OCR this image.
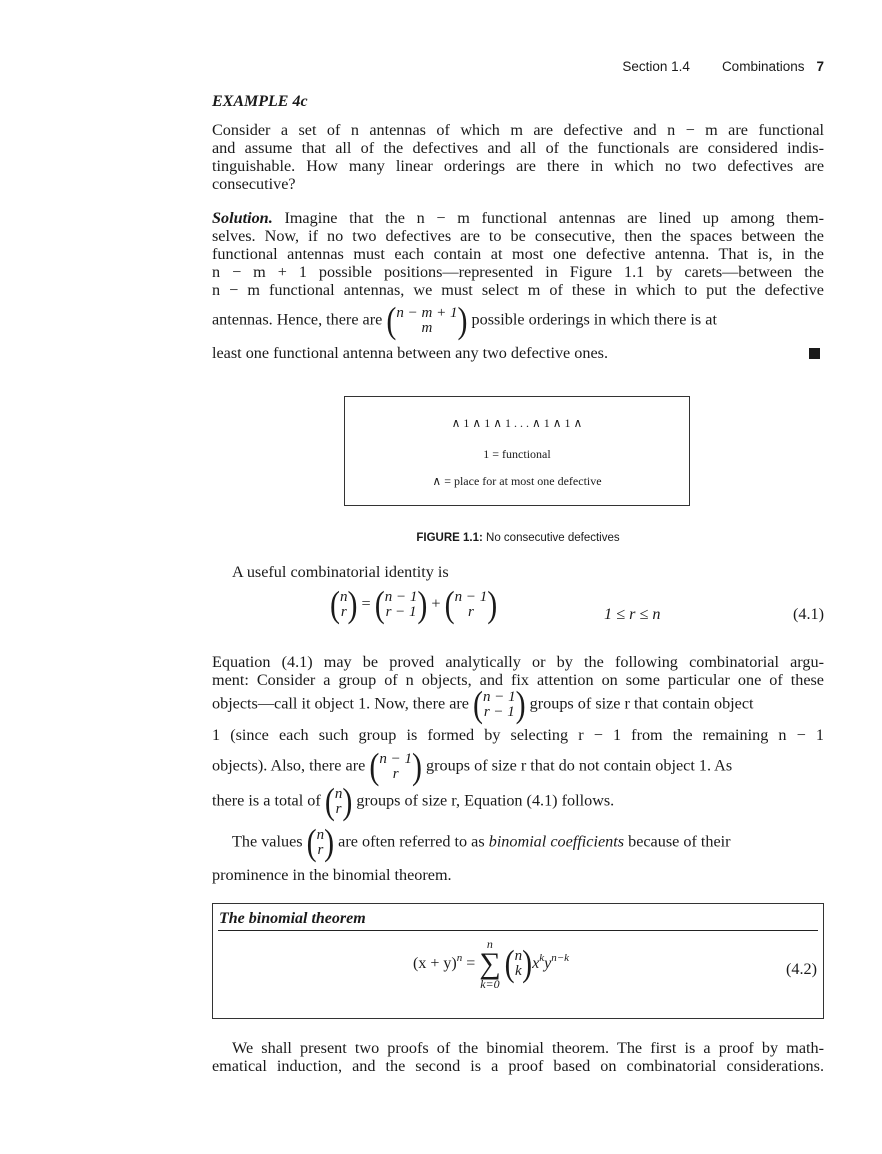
Section 1.4 Combinations 7
EXAMPLE 4c
Consider a set of n antennas of which m are defective and n − m are functional
and assume that all of the defectives and all of the functionals are considered indis-
tinguishable. How many linear orderings are there in which no two defectives are
consecutive?
Solution. Imagine that the n − m functional antennas are lined up among them-
selves. Now, if no two defectives are to be consecutive, then the spaces between the
functional antennas must each contain at most one defective antenna. That is, in the
n − m + 1 possible positions—represented in Figure 1.1 by carets—between the
n − m functional antennas, we must select m of these in which to put the defective
antennas. Hence, there are (n − m + 1
m ) possible orderings in which there is at
least one functional antenna between any two defective ones.
∧ 1 ∧ 1 ∧ 1 . . . ∧ 1 ∧ 1 ∧
1 = functional
∧ = place for at most one defective
FIGURE 1.1: No consecutive defectives
A useful combinatorial identity is
(n
r) = (n − 1
r − 1) + (n − 1
r )	1 ≤ r ≤ n	(4.1)
Equation (4.1) may be proved analytically or by the following combinatorial argu-
ment: Consider a group of n objects, and fix attention on some particular one of these
objects—call it object 1. Now, there are (n − 1
r − 1) groups of size r that contain object
1 (since each such group is formed by selecting r − 1 from the remaining n − 1
objects). Also, there are (n − 1
r ) groups of size r that do not contain object 1. As
there is a total of (n
r) groups of size r, Equation (4.1) follows.
The values (n
r) are often referred to as binomial coefficients because of their
prominence in the binomial theorem.
The binomial theorem
$(x + y)^n$ =
n
∑
k=0 (n
$k)x^ky^{n-k}$
(4.2)
We shall present two proofs of the binomial theorem. The first is a proof by math-
ematical induction, and the second is a proof based on combinatorial considerations.
